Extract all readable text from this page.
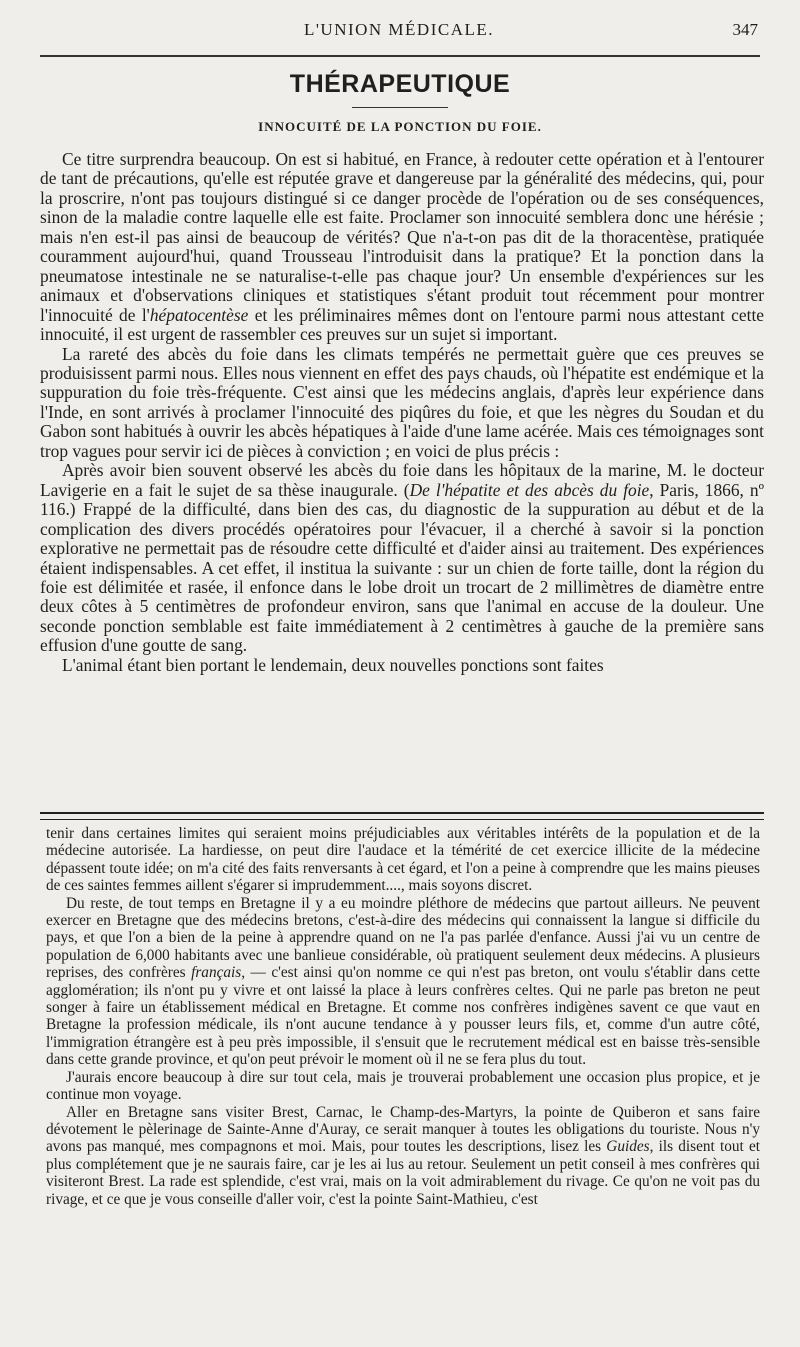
L'UNION MÉDICALE.	347
THÉRAPEUTIQUE
INNOCUITÉ DE LA PONCTION DU FOIE.

Ce titre surprendra beaucoup. On est si habitué, en France, à redouter cette opération et à l'entourer de tant de précautions, qu'elle est réputée grave et dangereuse par la généralité des médecins, qui, pour la proscrire, n'ont pas toujours distingué si ce danger procède de l'opération ou de ses conséquences, sinon de la maladie contre laquelle elle est faite. Proclamer son innocuité semblera donc une hérésie ; mais n'en est-il pas ainsi de beaucoup de vérités? Que n'a-t-on pas dit de la thoracentèse, pratiquée couramment aujourd'hui, quand Trousseau l'introduisit dans la pratique? Et la ponction dans la pneumatose intestinale ne se naturalise-t-elle pas chaque jour? Un ensemble d'expériences sur les animaux et d'observations cliniques et statistiques s'étant produit tout récemment pour montrer l'innocuité de l'hépatocentèse et les préliminaires mêmes dont on l'entoure parmi nous attestant cette innocuité, il est urgent de rassembler ces preuves sur un sujet si important.

La rareté des abcès du foie dans les climats tempérés ne permettait guère que ces preuves se produisissent parmi nous. Elles nous viennent en effet des pays chauds, où l'hépatite est endémique et la suppuration du foie très-fréquente. C'est ainsi que les médecins anglais, d'après leur expérience dans l'Inde, en sont arrivés à proclamer l'innocuité des piqûres du foie, et que les nègres du Soudan et du Gabon sont habitués à ouvrir les abcès hépatiques à l'aide d'une lame acérée. Mais ces témoignages sont trop vagues pour servir ici de pièces à conviction ; en voici de plus précis :

Après avoir bien souvent observé les abcès du foie dans les hôpitaux de la marine, M. le docteur Lavigerie en a fait le sujet de sa thèse inaugurale. (De l'hépatite et des abcès du foie, Paris, 1866, nº 116.) Frappé de la difficulté, dans bien des cas, du diagnostic de la suppuration au début et de la complication des divers procédés opératoires pour l'évacuer, il a cherché à savoir si la ponction explorative ne permettait pas de résoudre cette difficulté et d'aider ainsi au traitement. Des expériences étaient indispensables. A cet effet, il institua la suivante : sur un chien de forte taille, dont la région du foie est délimitée et rasée, il enfonce dans le lobe droit un trocart de 2 millimètres de diamètre entre deux côtes à 5 centimètres de profondeur environ, sans que l'animal en accuse de la douleur. Une seconde ponction semblable est faite immédiatement à 2 centimètres à gauche de la première sans effusion d'une goutte de sang.

L'animal étant bien portant le lendemain, deux nouvelles ponctions sont faites

tenir dans certaines limites qui seraient moins préjudiciables aux véritables intérêts de la population et de la médecine autorisée. La hardiesse, on peut dire l'audace et la témérité de cet exercice illicite de la médecine dépassent toute idée; on m'a cité des faits renversants à cet égard, et l'on a peine à comprendre que les mains pieuses de ces saintes femmes aillent s'égarer si imprudemment...., mais soyons discret.

Du reste, de tout temps en Bretagne il y a eu moindre pléthore de médecins que partout ailleurs. Ne peuvent exercer en Bretagne que des médecins bretons, c'est-à-dire des médecins qui connaissent la langue si difficile du pays, et que l'on a bien de la peine à apprendre quand on ne l'a pas parlée d'enfance. Aussi j'ai vu un centre de population de 6,000 habitants avec une banlieue considérable, où pratiquent seulement deux médecins. A plusieurs reprises, des confrères français, — c'est ainsi qu'on nomme ce qui n'est pas breton, ont voulu s'établir dans cette agglomération; ils n'ont pu y vivre et ont laissé la place à leurs confrères celtes. Qui ne parle pas breton ne peut songer à faire un établissement médical en Bretagne. Et comme nos confrères indigènes savent ce que vaut en Bretagne la profession médicale, ils n'ont aucune tendance à y pousser leurs fils, et, comme d'un autre côté, l'immigration étrangère est à peu près impossible, il s'ensuit que le recrutement médical est en baisse très-sensible dans cette grande province, et qu'on peut prévoir le moment où il ne se fera plus du tout.

J'aurais encore beaucoup à dire sur tout cela, mais je trouverai probablement une occasion plus propice, et je continue mon voyage.

Aller en Bretagne sans visiter Brest, Carnac, le Champ-des-Martyrs, la pointe de Quiberon et sans faire dévotement le pèlerinage de Sainte-Anne d'Auray, ce serait manquer à toutes les obligations du touriste. Nous n'y avons pas manqué, mes compagnons et moi. Mais, pour toutes les descriptions, lisez les Guides, ils disent tout et plus complétement que je ne saurais faire, car je les ai lus au retour. Seulement un petit conseil à mes confrères qui visiteront Brest. La rade est splendide, c'est vrai, mais on la voit admirablement du rivage. Ce qu'on ne voit pas du rivage, et ce que je vous conseille d'aller voir, c'est la pointe Saint-Mathieu, c'est
